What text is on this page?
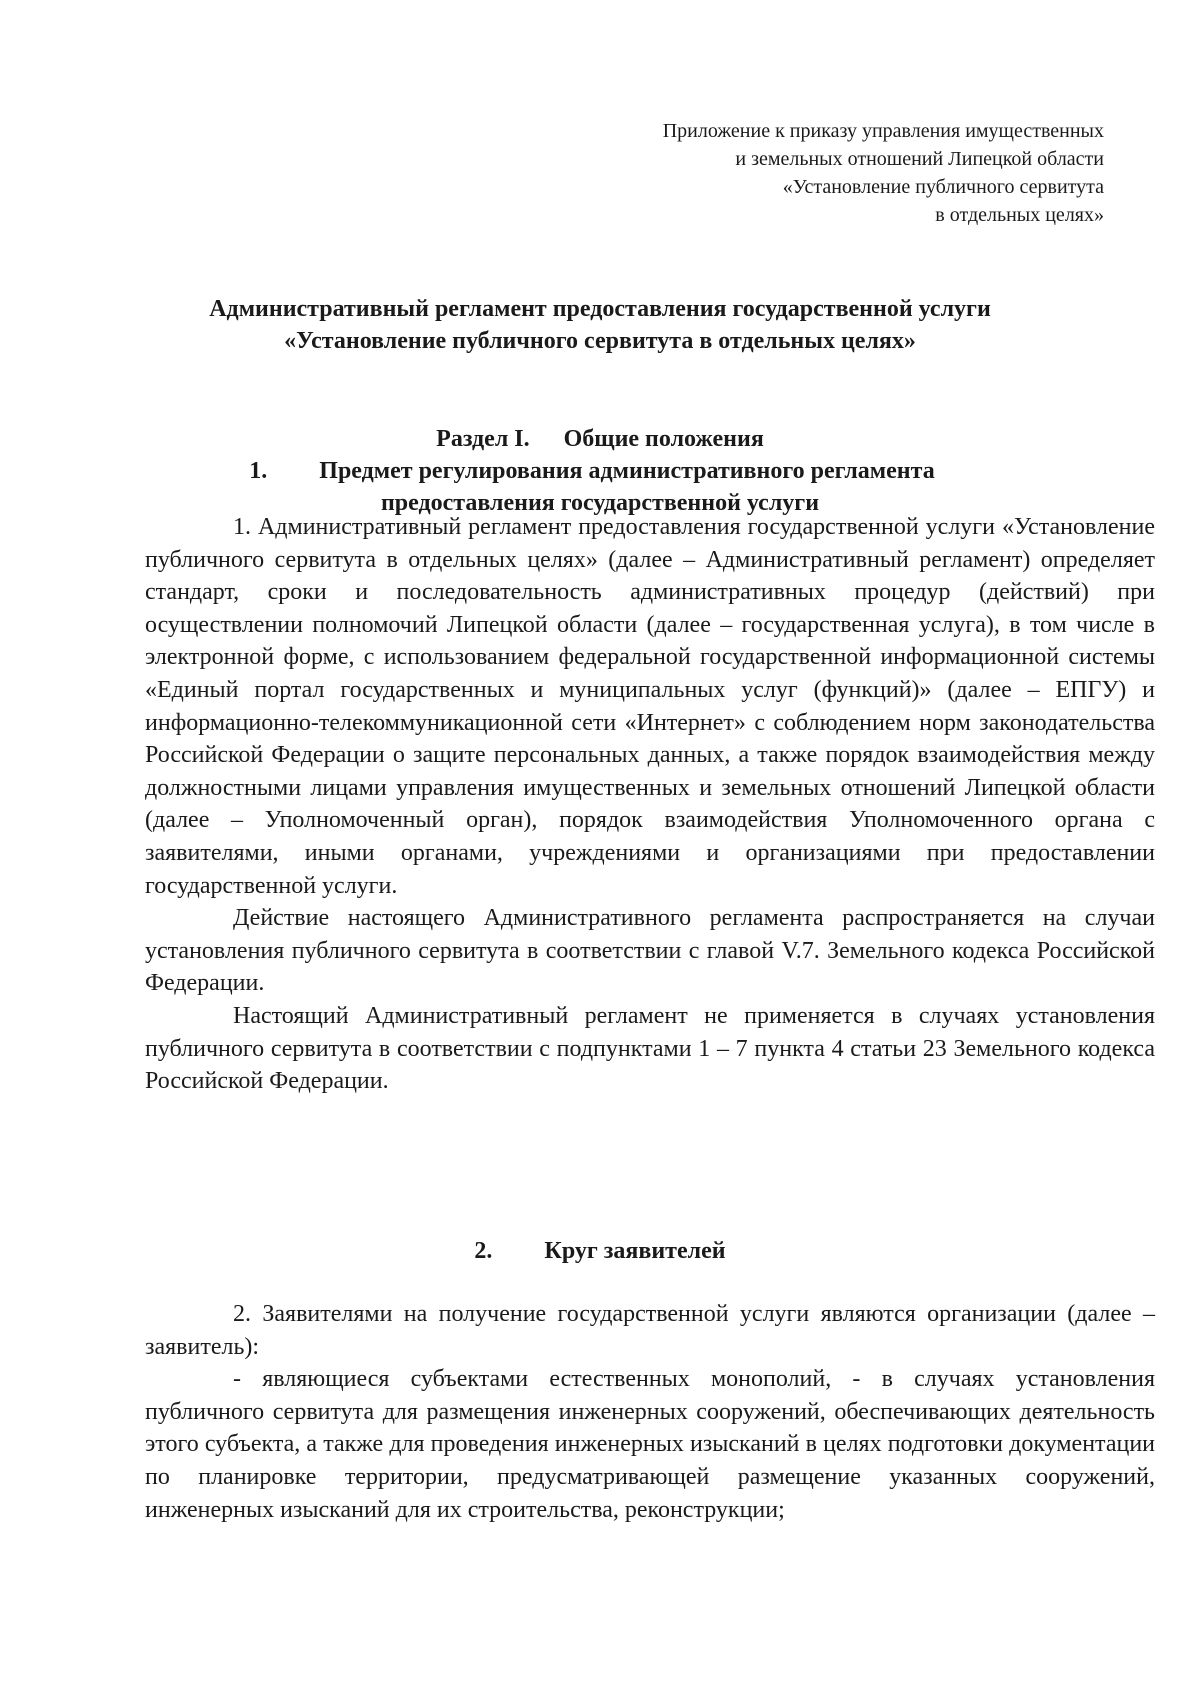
Приложение к приказу управления имущественных
и земельных отношений Липецкой области
«Установление публичного сервитута
в отдельных целях»
Административный регламент предоставления государственной услуги
«Установление публичного сервитута в отдельных целях»
Раздел I. Общие положения
1. Предмет регулирования административного регламента
предоставления государственной услуги

1. Административный регламент предоставления государственной услуги «Установление публичного сервитута в отдельных целях» (далее – Административный регламент) определяет стандарт, сроки и последовательность административных процедур (действий) при осуществлении полномочий Липецкой области (далее – государственная услуга), в том числе в электронной форме, с использованием федеральной государственной информационной системы «Единый портал государственных и муниципальных услуг (функций)» (далее – ЕПГУ) и информационно-телекоммуникационной сети «Интернет» с соблюдением норм законодательства Российской Федерации о защите персональных данных, а также порядок взаимодействия между должностными лицами управления имущественных и земельных отношений Липецкой области (далее – Уполномоченный орган), порядок взаимодействия Уполномоченного органа с заявителями, иными органами, учреждениями и организациями при предоставлении государственной услуги.

Действие настоящего Административного регламента распространяется на случаи установления публичного сервитута в соответствии с главой V.7. Земельного кодекса Российской Федерации.

Настоящий Административный регламент не применяется в случаях установления публичного сервитута в соответствии с подпунктами 1 – 7 пункта 4 статьи 23 Земельного кодекса Российской Федерации.

2. Круг заявителей

2. Заявителями на получение государственной услуги являются организации (далее – заявитель):

- являющиеся субъектами естественных монополий, - в случаях установления публичного сервитута для размещения инженерных сооружений, обеспечивающих деятельность этого субъекта, а также для проведения инженерных изысканий в целях подготовки документации по планировке территории, предусматривающей размещение указанных сооружений, инженерных изысканий для их строительства, реконструкции;
